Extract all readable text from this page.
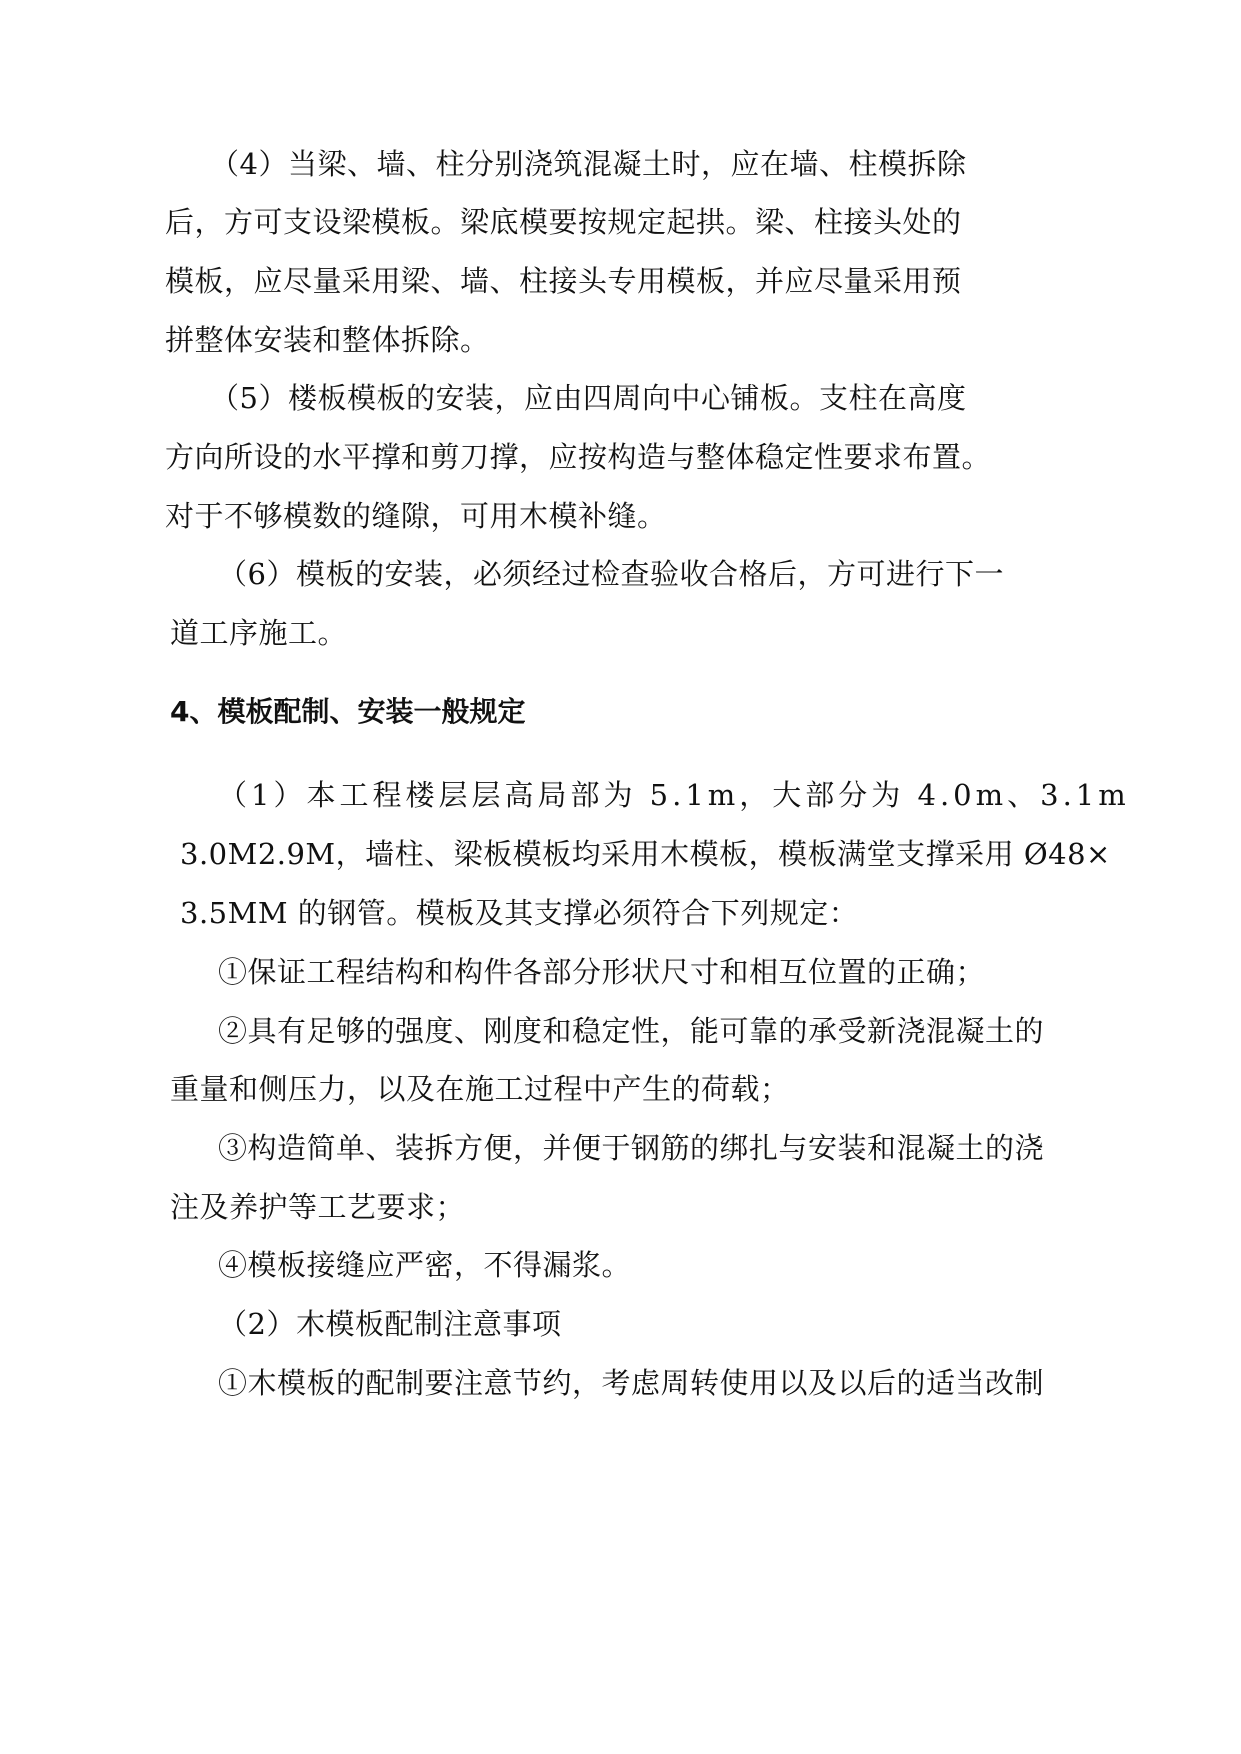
（4）当梁、墙、柱分别浇筑混凝土时，应在墙、柱模拆除
后，方可支设梁模板。梁底模要按规定起拱。梁、柱接头处的
模板，应尽量采用梁、墙、柱接头专用模板，并应尽量采用预
拼整体安装和整体拆除。
（5）楼板模板的安装，应由四周向中心铺板。支柱在高度
方向所设的水平撑和剪刀撑，应按构造与整体稳定性要求布置。
对于不够模数的缝隙，可用木模补缝。
（6）模板的安装，必须经过检查验收合格后，方可进行下一
道工序施工。
4、模板配制、安装一般规定
（1）本工程楼层层高局部为 5.1m，大部分为 4.0m、3.1m
3.0M2.9M，墙柱、梁板模板均采用木模板，模板满堂支撑采用 Ø48×
3.5MM 的钢管。模板及其支撑必须符合下列规定：
①保证工程结构和构件各部分形状尺寸和相互位置的正确；
②具有足够的强度、刚度和稳定性，能可靠的承受新浇混凝土的
重量和侧压力，以及在施工过程中产生的荷载；
③构造简单、装拆方便，并便于钢筋的绑扎与安装和混凝土的浇
注及养护等工艺要求；
④模板接缝应严密，不得漏浆。
（2）木模板配制注意事项
①木模板的配制要注意节约，考虑周转使用以及以后的适当改制
